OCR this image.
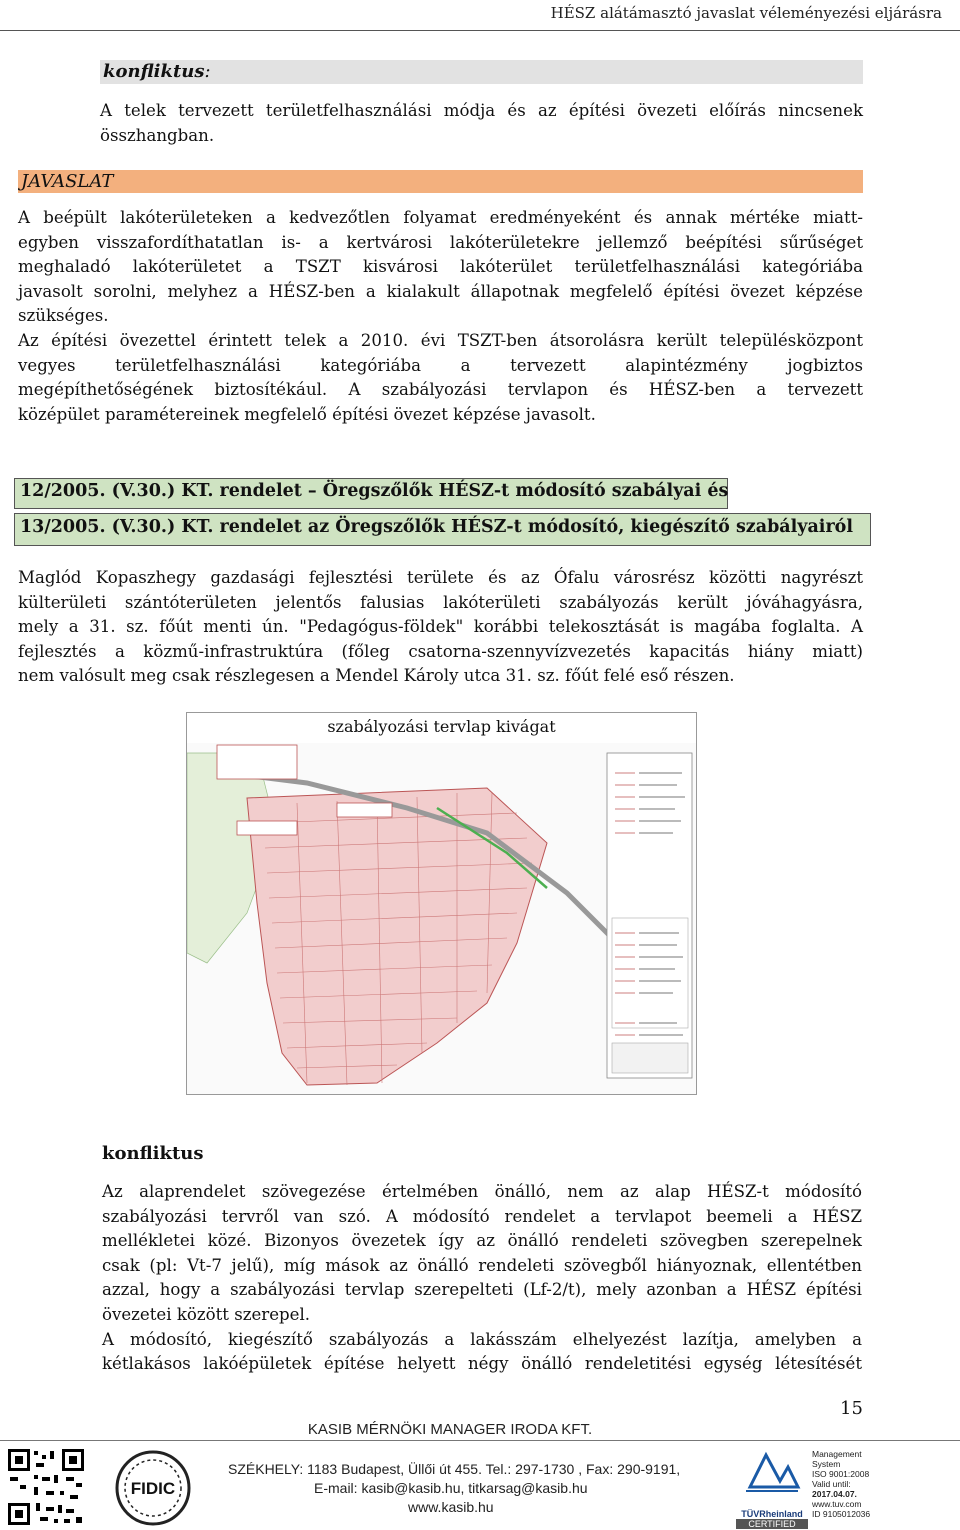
HÉSZ alátámasztó javaslat véleményezési eljárásra
konfliktus:

A telek tervezett területfelhasználási módja és az építési övezeti előírás nincsenek

összhangban.

JAVASLAT

A beépült lakóterületeken a kedvezőtlen folyamat eredményeként és annak mértéke miatt-

egyben visszafordíthatatlan is- a kertvárosi lakóterületekre jellemző beépítési sűrűséget

meghaladó lakóterületet a TSZT kisvárosi lakóterület területfelhasználási kategóriába

javasolt sorolni, melyhez a HÉSZ-ben a kialakult állapotnak megfelelő építési övezet képzése

szükséges.

Az építési övezettel érintett telek a 2010. évi TSZT-ben átsorolásra került településközpont

vegyes területfelhasználási kategóriába a tervezett alapintézmény jogbiztos

megépíthetőségének biztosítékául. A szabályozási tervlapon és HÉSZ-ben a tervezett

középület paramétereinek megfelelő építési övezet képzése javasolt.

12/2005. (V.30.) KT. rendelet – Öregszőlők HÉSZ-t módosító szabályai és
13/2005. (V.30.) KT. rendelet az Öregszőlők HÉSZ-t módosító, kiegészítő szabályairól

Maglód Kopaszhegy gazdasági fejlesztési területe és az Ófalu városrész közötti nagyrészt

külterületi szántóterületen jelentős falusias lakóterületi szabályozás került jóváhagyásra,

mely a 31. sz. főút menti ún. "Pedagógus-földek" korábbi telekosztását is magába foglalta. A

fejlesztés a közmű-infrastruktúra (főleg csatorna-szennyvízvezetés kapacitás hiány miatt)

nem valósult meg csak részlegesen a Mendel Károly utca 31. sz. főút felé eső részen.

szabályozási tervlap kivágat
konfliktus

Az alaprendelet szövegezése értelmében önálló, nem az alap HÉSZ-t módosító

szabályozási tervről van szó. A módosító rendelet a tervlapot beemeli a HÉSZ

mellékletei közé. Bizonyos övezetek így az önálló rendeleti szövegben szerepelnek

csak (pl: Vt-7 jelű), míg mások az önálló rendeleti szövegből hiányoznak, ellentétben

azzal, hogy a szabályozási tervlap szerepelteti (Lf-2/t), mely azonban a HÉSZ építési

övezetei között szerepel.

A módosító, kiegészítő szabályozás a lakásszám elhelyezést lazítja, amelyben a

kétlakásos lakóépületek építése helyett négy önálló rendeletitési egység létesítését

15
KASIB MÉRNÖKI MANAGER IRODA KFT.
FIDIC
SZÉKHELY: 1183 Budapest, Üllői út 455. Tel.: 297-1730 , Fax: 290-9191,
E-mail: kasib@kasib.hu, titkarsag@kasib.hu
www.kasib.hu	TÜVRheinland
CERTIFIED
Management
System
ISO 9001:2008
Valid until:
2017.04.07.
www.tuv.com
ID 9105012036
